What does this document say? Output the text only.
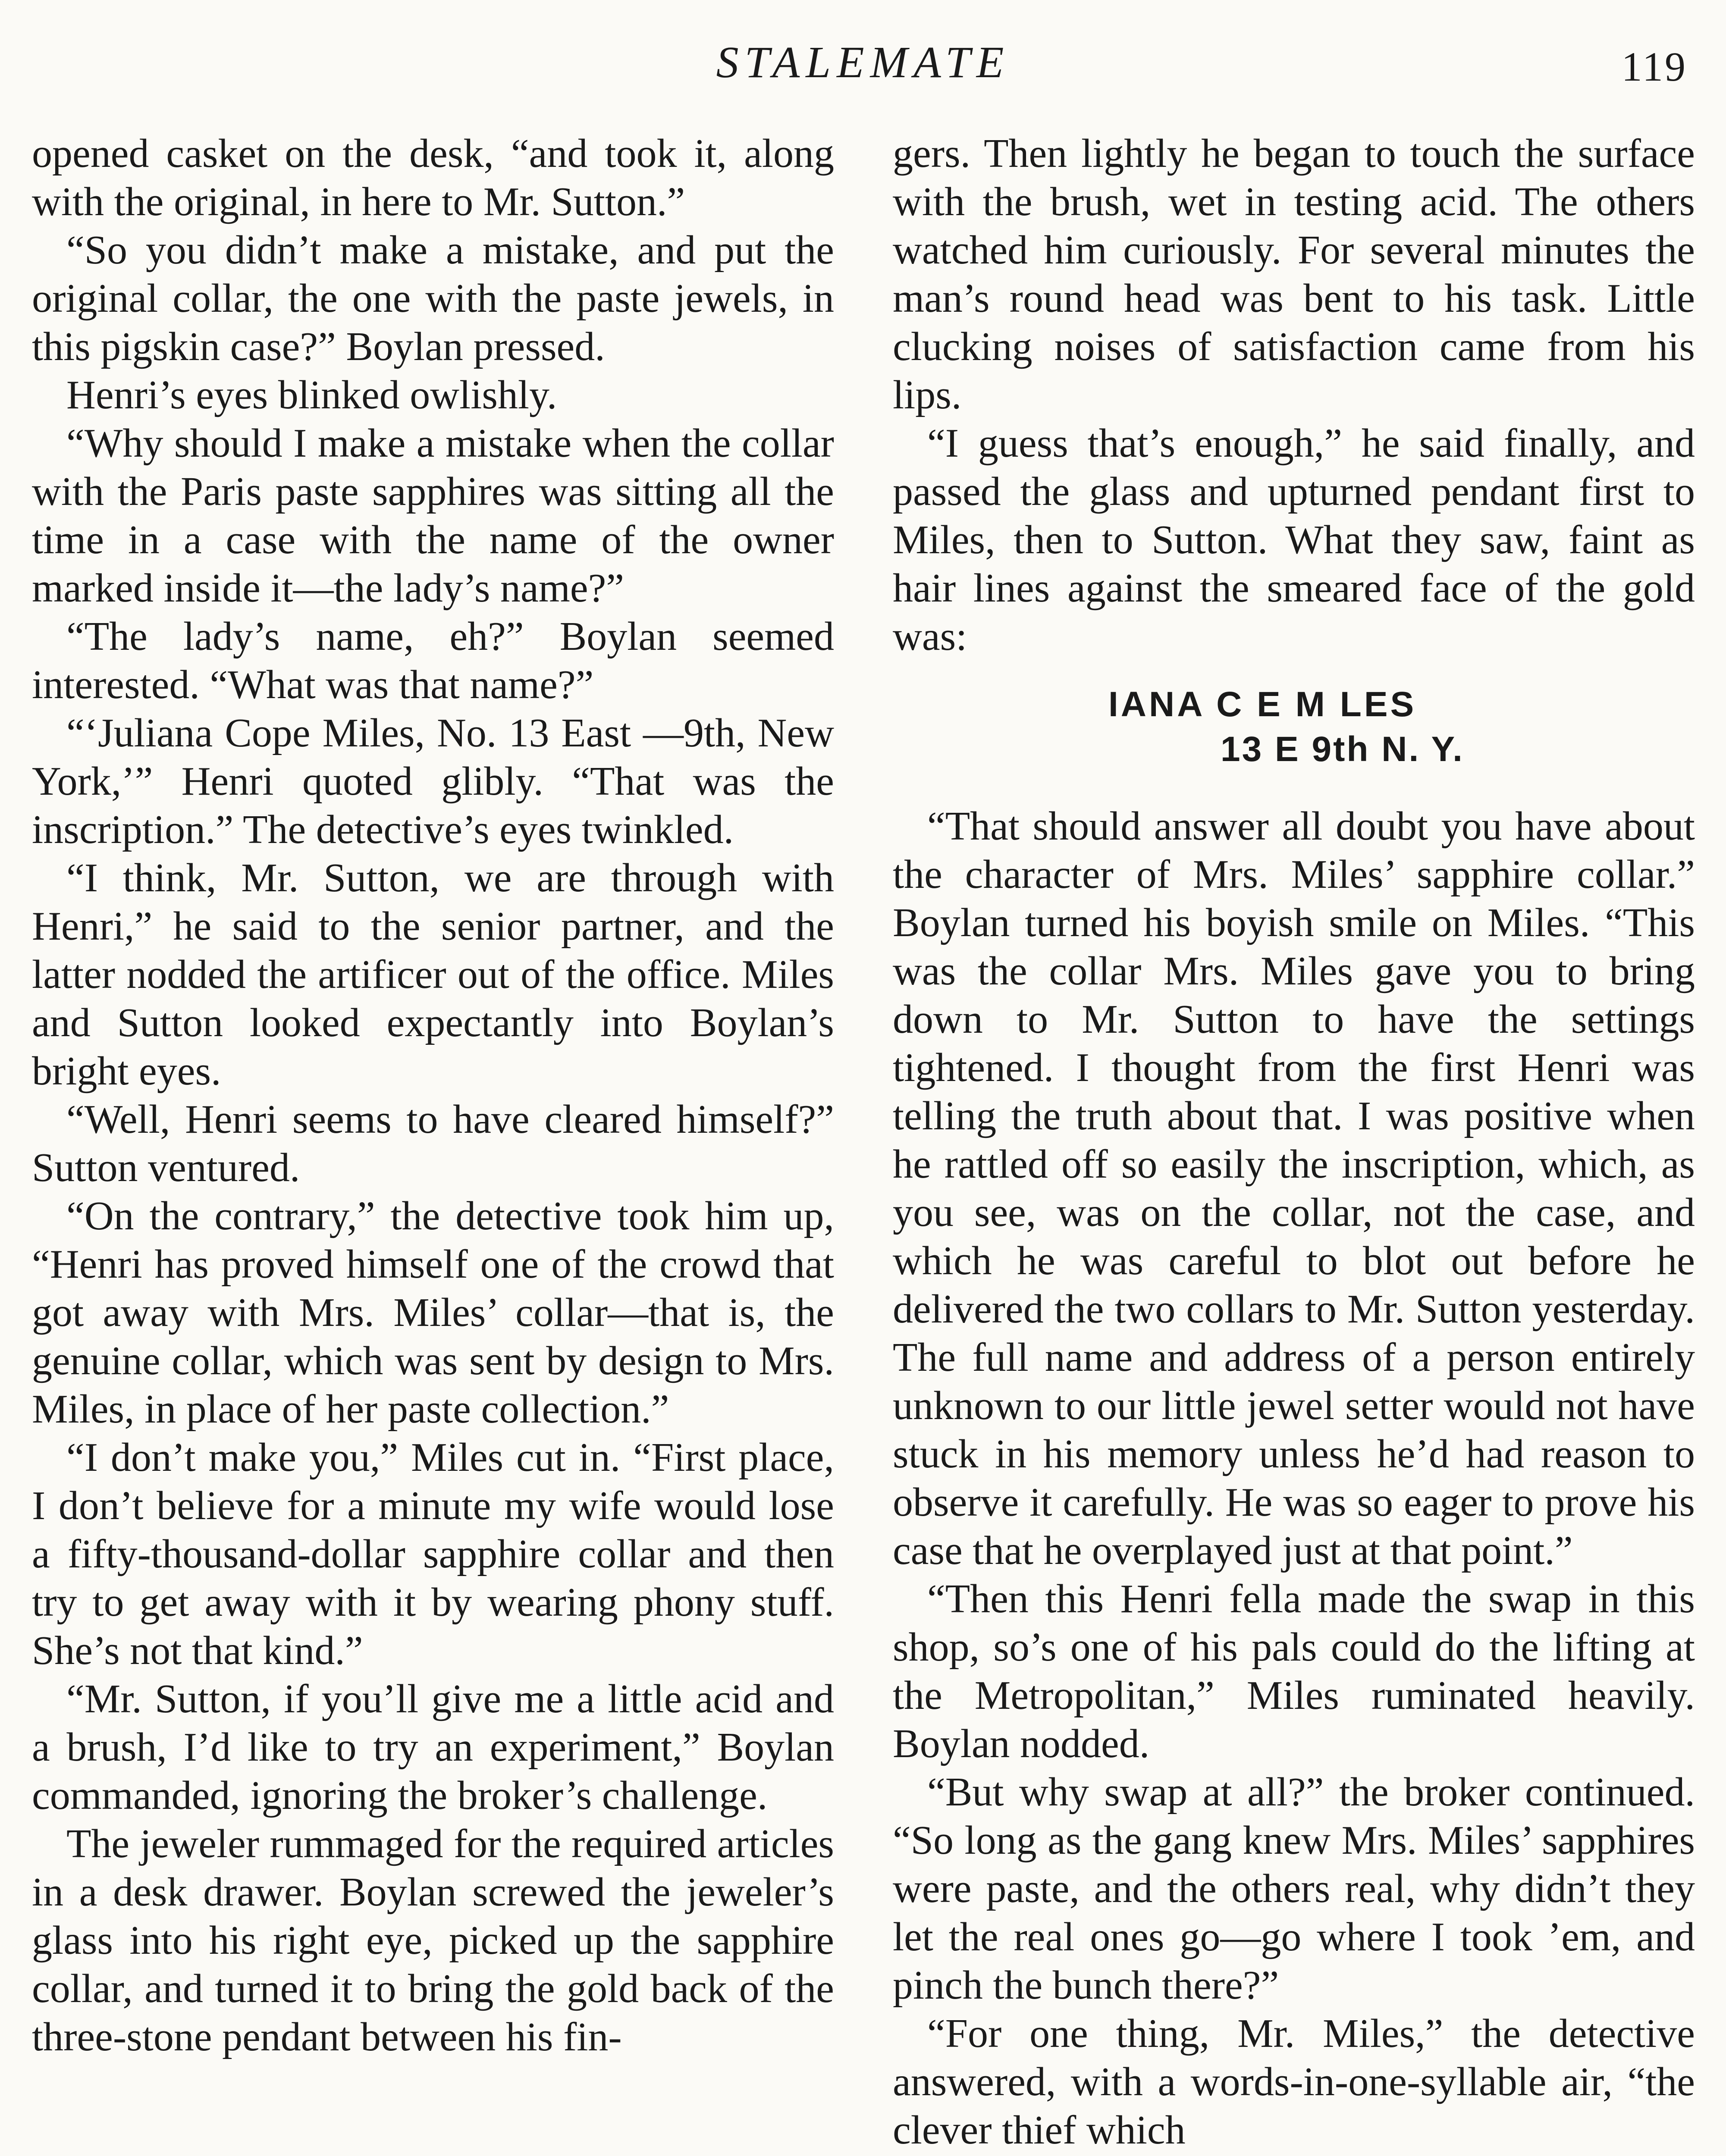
STALEMATE	119

opened casket on the desk, “and took it, along with the original, in here to Mr. Sutton.”

“So you didn’t make a mistake, and put the original collar, the one with the paste jewels, in this pigskin case?” Boylan pressed.

Henri’s eyes blinked owlishly.

“Why should I make a mistake when the collar with the Paris paste sapphires was sitting all the time in a case with the name of the owner marked inside it—the lady’s name?”

“The lady’s name, eh?” Boylan seemed interested. “What was that name?”

“‘Juliana Cope Miles, No. 13 East —9th, New York,’” Henri quoted glibly. “That was the inscription.” The detective’s eyes twinkled.

“I think, Mr. Sutton, we are through with Henri,” he said to the senior partner, and the latter nodded the artificer out of the office. Miles and Sutton looked expectantly into Boylan’s bright eyes.

“Well, Henri seems to have cleared himself?” Sutton ventured.

“On the contrary,” the detective took him up, “Henri has proved himself one of the crowd that got away with Mrs. Miles’ collar—that is, the genuine collar, which was sent by design to Mrs. Miles, in place of her paste collection.”

“I don’t make you,” Miles cut in. “First place, I don’t believe for a minute my wife would lose a fifty-thousand-dollar sapphire collar and then try to get away with it by wearing phony stuff. She’s not that kind.”

“Mr. Sutton, if you’ll give me a little acid and a brush, I’d like to try an experiment,” Boylan commanded, ignoring the broker’s challenge.

The jeweler rummaged for the required articles in a desk drawer. Boylan screwed the jeweler’s glass into his right eye, picked up the sapphire collar, and turned it to bring the gold back of the three-stone pendant between his fin-

gers. Then lightly he began to touch the surface with the brush, wet in testing acid. The others watched him curiously. For several minutes the man’s round head was bent to his task. Little clucking noises of satisfaction came from his lips.

“I guess that’s enough,” he said finally, and passed the glass and upturned pendant first to Miles, then to Sutton. What they saw, faint as hair lines against the smeared face of the gold was:

IANA C E M LES
13 E 9th N. Y.

“That should answer all doubt you have about the character of Mrs. Miles’ sapphire collar.” Boylan turned his boyish smile on Miles. “This was the collar Mrs. Miles gave you to bring down to Mr. Sutton to have the settings tightened. I thought from the first Henri was telling the truth about that. I was positive when he rattled off so easily the inscription, which, as you see, was on the collar, not the case, and which he was careful to blot out before he delivered the two collars to Mr. Sutton yesterday. The full name and address of a person entirely unknown to our little jewel setter would not have stuck in his memory unless he’d had reason to observe it carefully. He was so eager to prove his case that he overplayed just at that point.”

“Then this Henri fella made the swap in this shop, so’s one of his pals could do the lifting at the Metropolitan,” Miles ruminated heavily. Boylan nodded.

“But why swap at all?” the broker continued. “So long as the gang knew Mrs. Miles’ sapphires were paste, and the others real, why didn’t they let the real ones go—go where I took ’em, and pinch the bunch there?”

“For one thing, Mr. Miles,” the detective answered, with a words-in-one-syllable air, “the clever thief which
